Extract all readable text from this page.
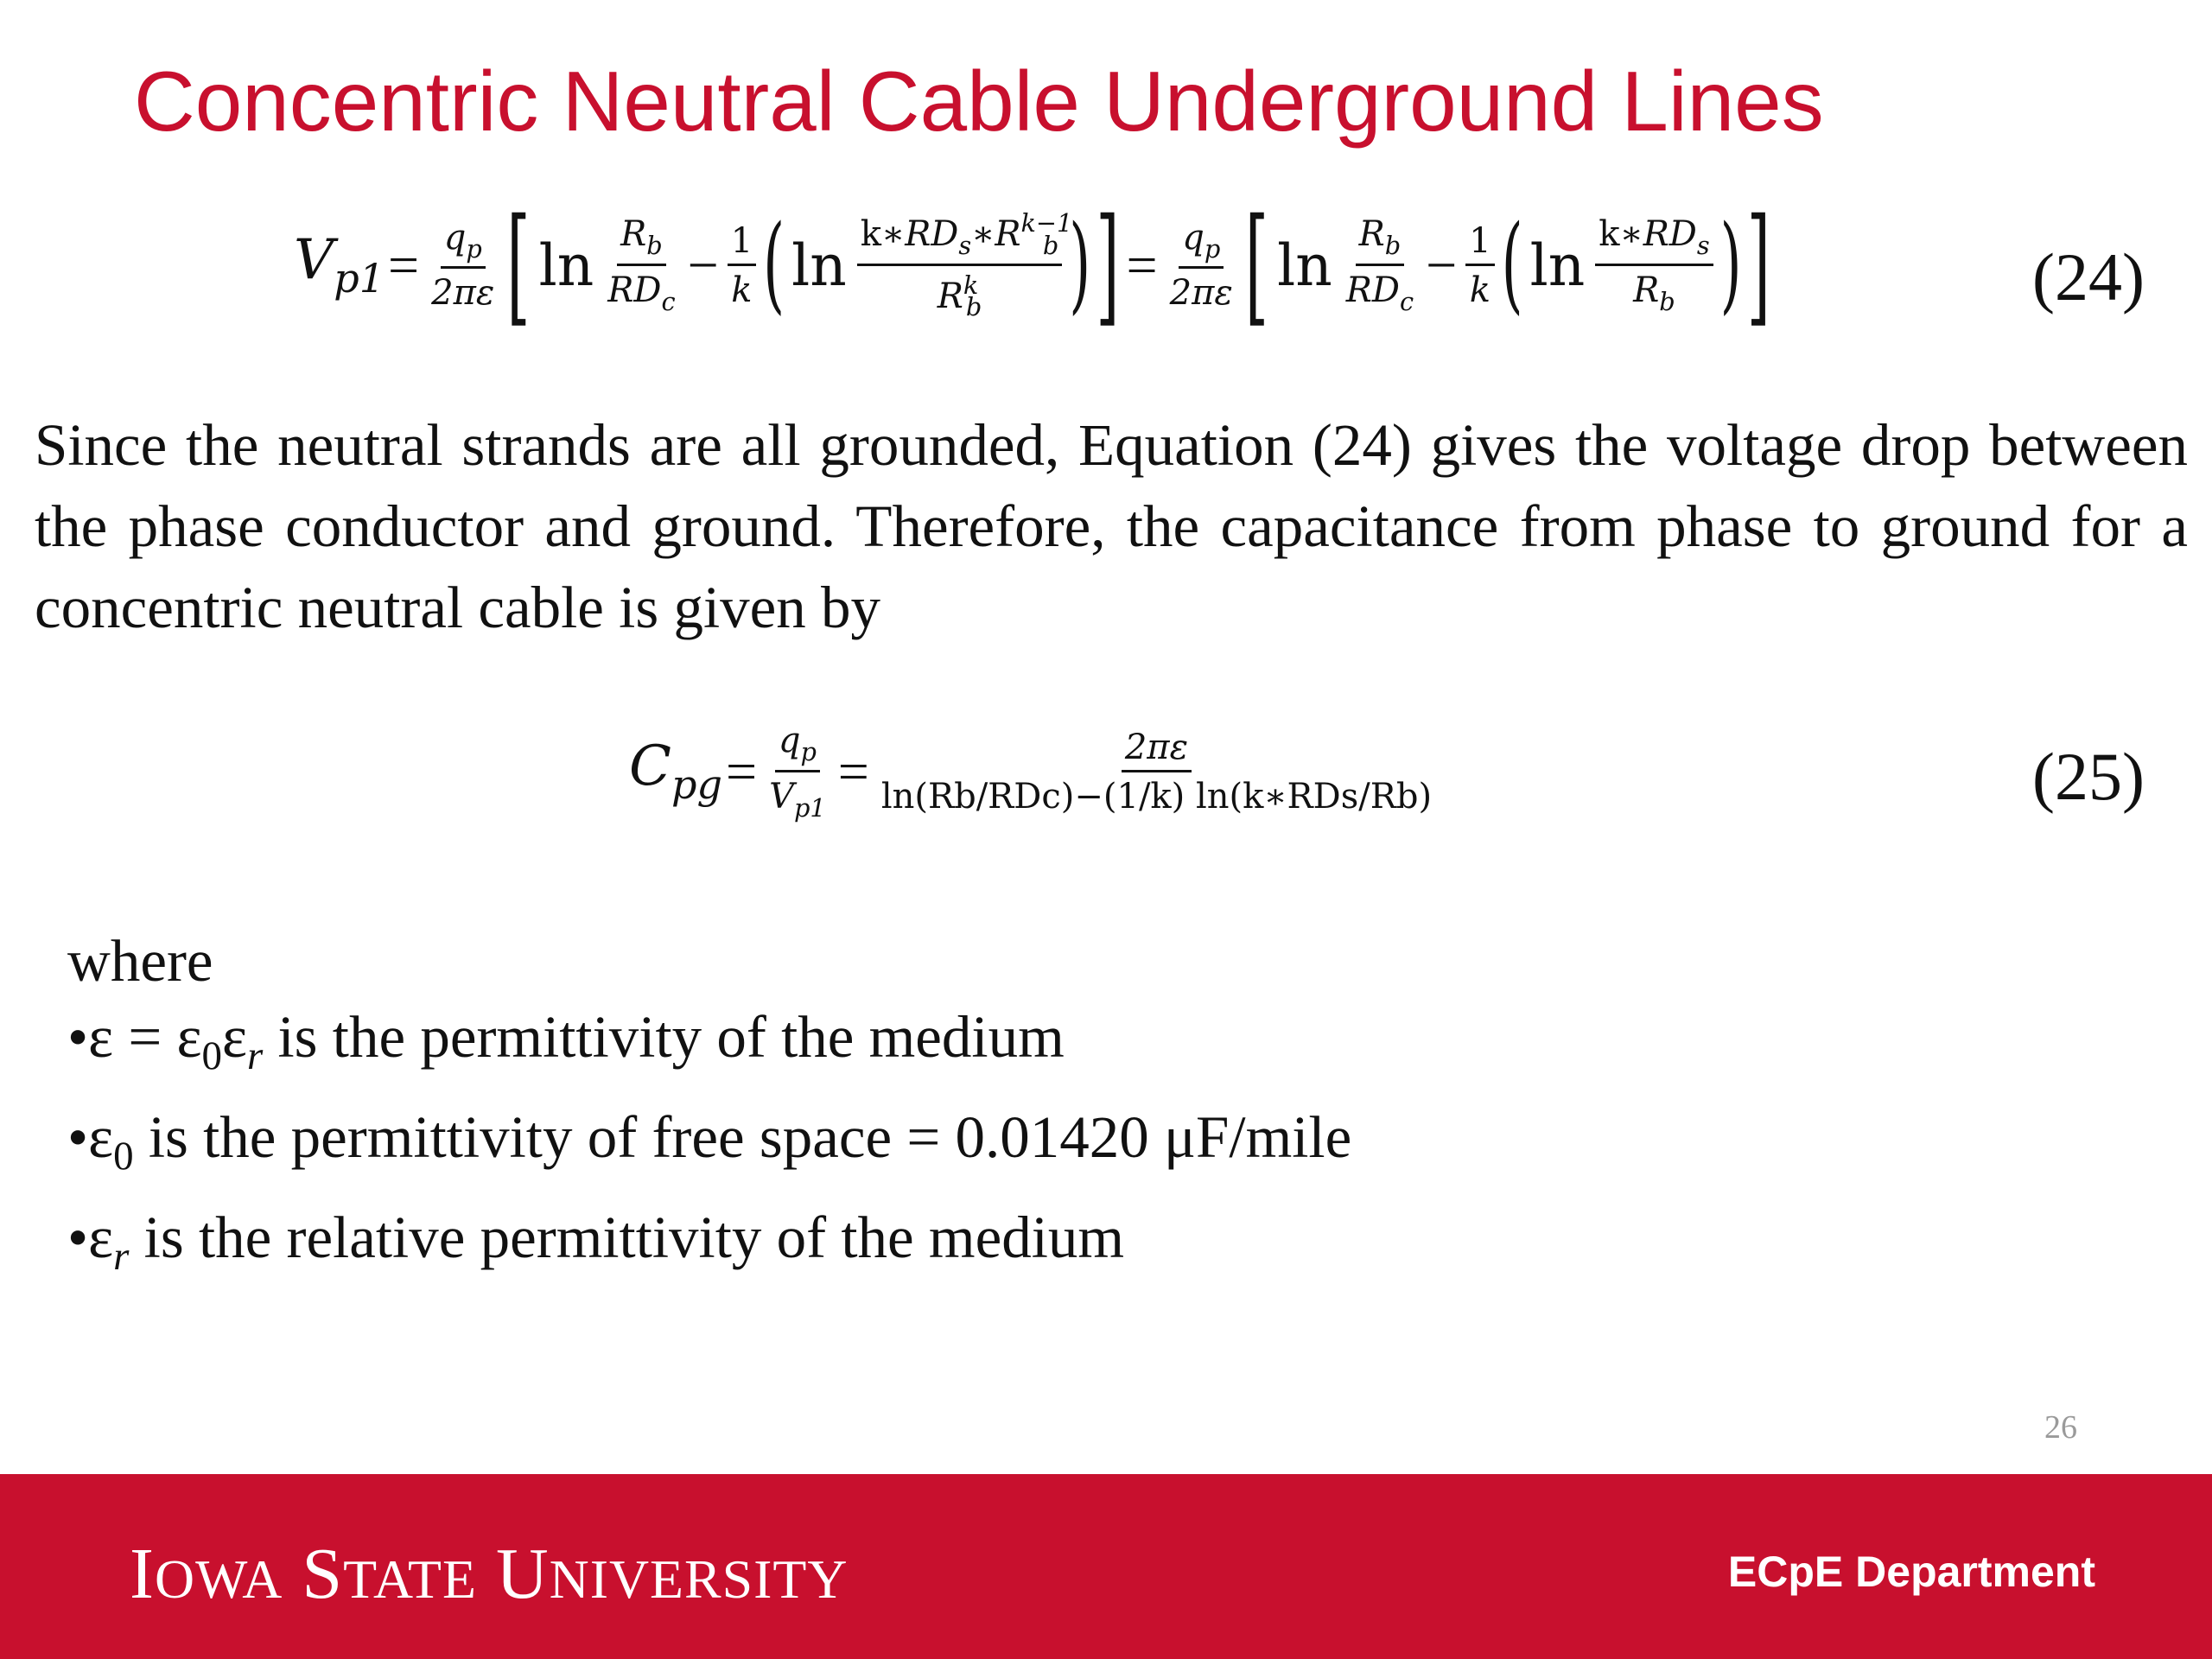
Concentric Neutral Cable Underground Lines
$V_{p1} = \frac{q_p}{2\pi\varepsilon}$ [ $\ln \frac{R_b}{RD_c} - \frac{1}{k}$ ( $\ln \frac{k∗RD_s∗R^{k-1}_b}{R^k_b}$ ) ] = $\frac{q_p}{2\pi\varepsilon}$ [ $\ln \frac{R_b}{RD_c} - \frac{1}{k}$ ( $\ln \frac{k∗RD_s}{R_b}$ ) ]	(24)

Since the neutral strands are all grounded, Equation (24) gives the voltage drop between the phase conductor and ground. Therefore, the capacitance from phase to ground for a concentric neutral cable is given by

$C_{pg} = \frac{q_p}{V_{p1}} = \frac{2\pi\varepsilon}{\text{ln(Rb/RDc)−(1/k) ln(k∗RDs/Rb)}}$	(25)

where

•ε = $\varepsilon_0\varepsilon_r$ is the permittivity of the medium
$•\varepsilon_0$ is the permittivity of free space = 0.01420 μF/mile
$•\varepsilon_r$ is the relative permittivity of the medium
26
IOWA STATE UNIVERSITY	ECpE Department
